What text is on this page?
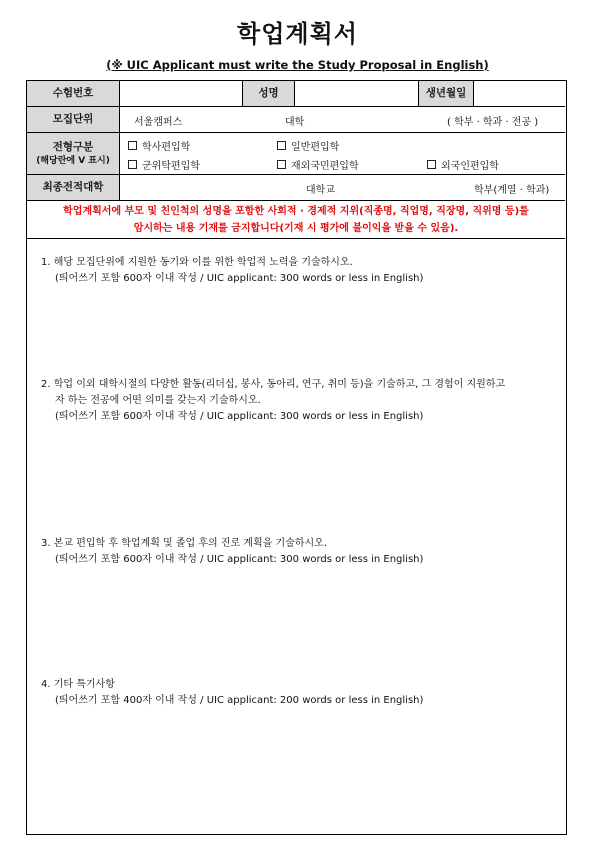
학업계획서
(※ UIC Applicant must write the Study Proposal in English)
수험번호	성명	생년월일
모집단위	서울캠퍼스	대학	( 학부 · 학과 · 전공 )
전형구분
(해당란에 V 표시)
학사편입학	일반편입학
군위탁편입학	재외국민편입학	외국인편입학
최종전적대학	대학교	학부(계열 · 학과)
학업계획서에 부모 및 친인척의 성명을 포함한 사회적 · 경제적 지위(직종명, 직업명, 직장명, 직위명 등)를
암시하는 내용 기재를 금지합니다(기재 시 평가에 불이익을 받을 수 있음).
1. 해당 모집단위에 지원한 동기와 이를 위한 학업적 노력을 기술하시오.
(띄어쓰기 포함 600자 이내 작성 / UIC applicant: 300 words or less in English)
2. 학업 이외 대학시절의 다양한 활동(리더십, 봉사, 동아리, 연구, 취미 등)을 기술하고, 그 경험이 지원하고
자 하는 전공에 어떤 의미를 갖는지 기술하시오.
(띄어쓰기 포함 600자 이내 작성 / UIC applicant: 300 words or less in English)
3. 본교 편입학 후 학업계획 및 졸업 후의 진로 계획을 기술하시오.
(띄어쓰기 포함 600자 이내 작성 / UIC applicant: 300 words or less in English)
4. 기타 특기사항
(띄어쓰기 포함 400자 이내 작성 / UIC applicant: 200 words or less in English)
